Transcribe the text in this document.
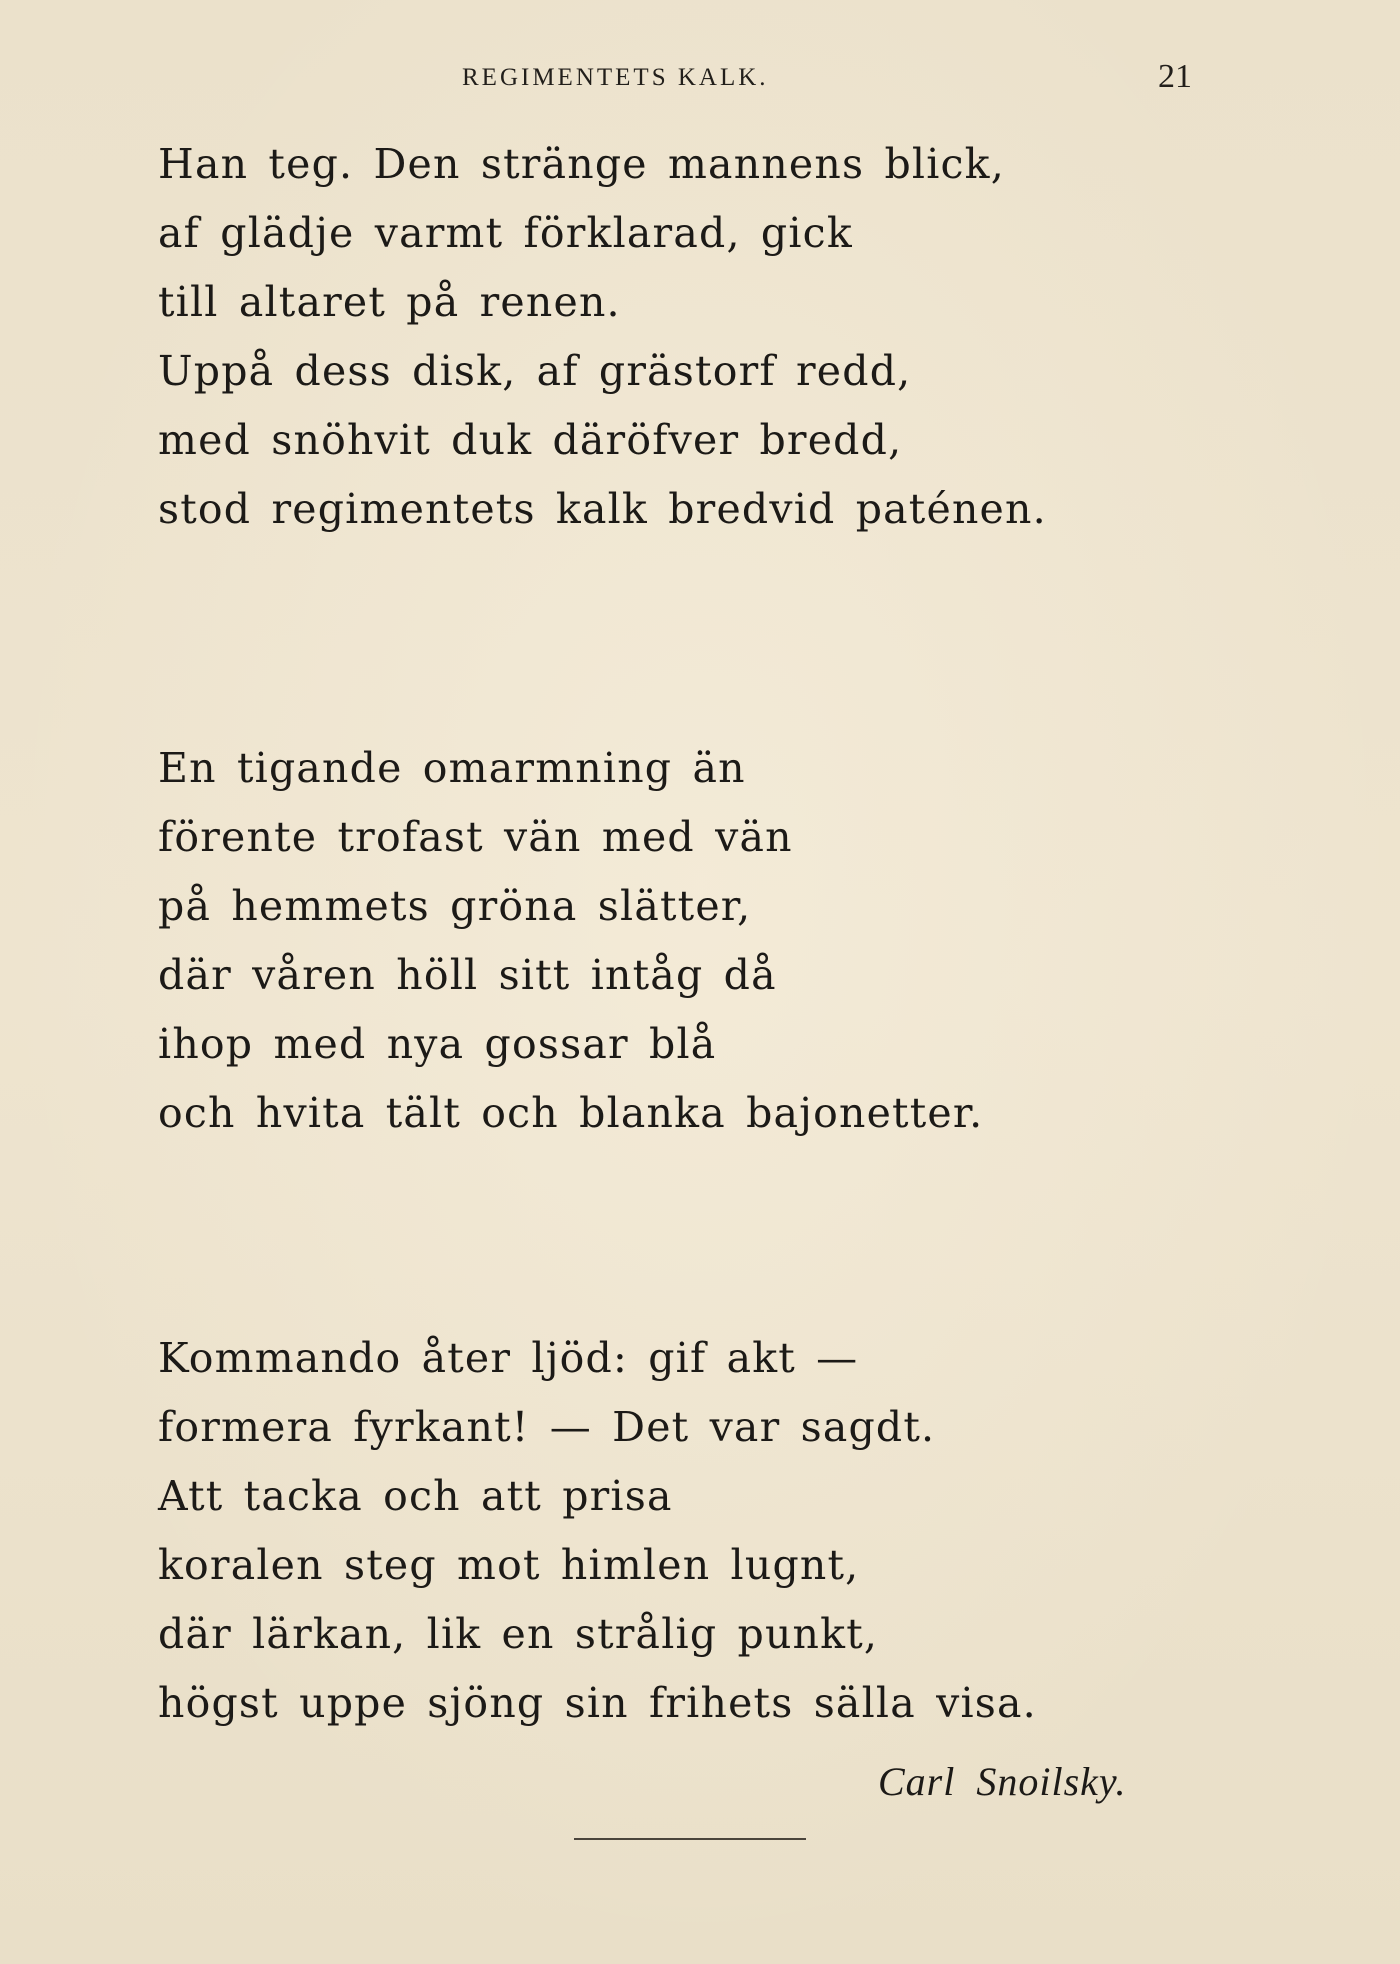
REGIMENTETS KALK.	21
Han teg. Den stränge mannens blick,
af glädje varmt förklarad, gick
till altaret på renen.
Uppå dess disk, af grästorf redd,
med snöhvit duk däröfver bredd,
stod regimentets kalk bredvid paténen.
En tigande omarmning än
förente trofast vän med vän
på hemmets gröna slätter,
där våren höll sitt intåg då
ihop med nya gossar blå
och hvita tält och blanka bajonetter.
Kommando åter ljöd: gif akt —
formera fyrkant! — Det var sagdt.
Att tacka och att prisa
koralen steg mot himlen lugnt,
där lärkan, lik en strålig punkt,
högst uppe sjöng sin frihets sälla visa.
Carl Snoilsky.
